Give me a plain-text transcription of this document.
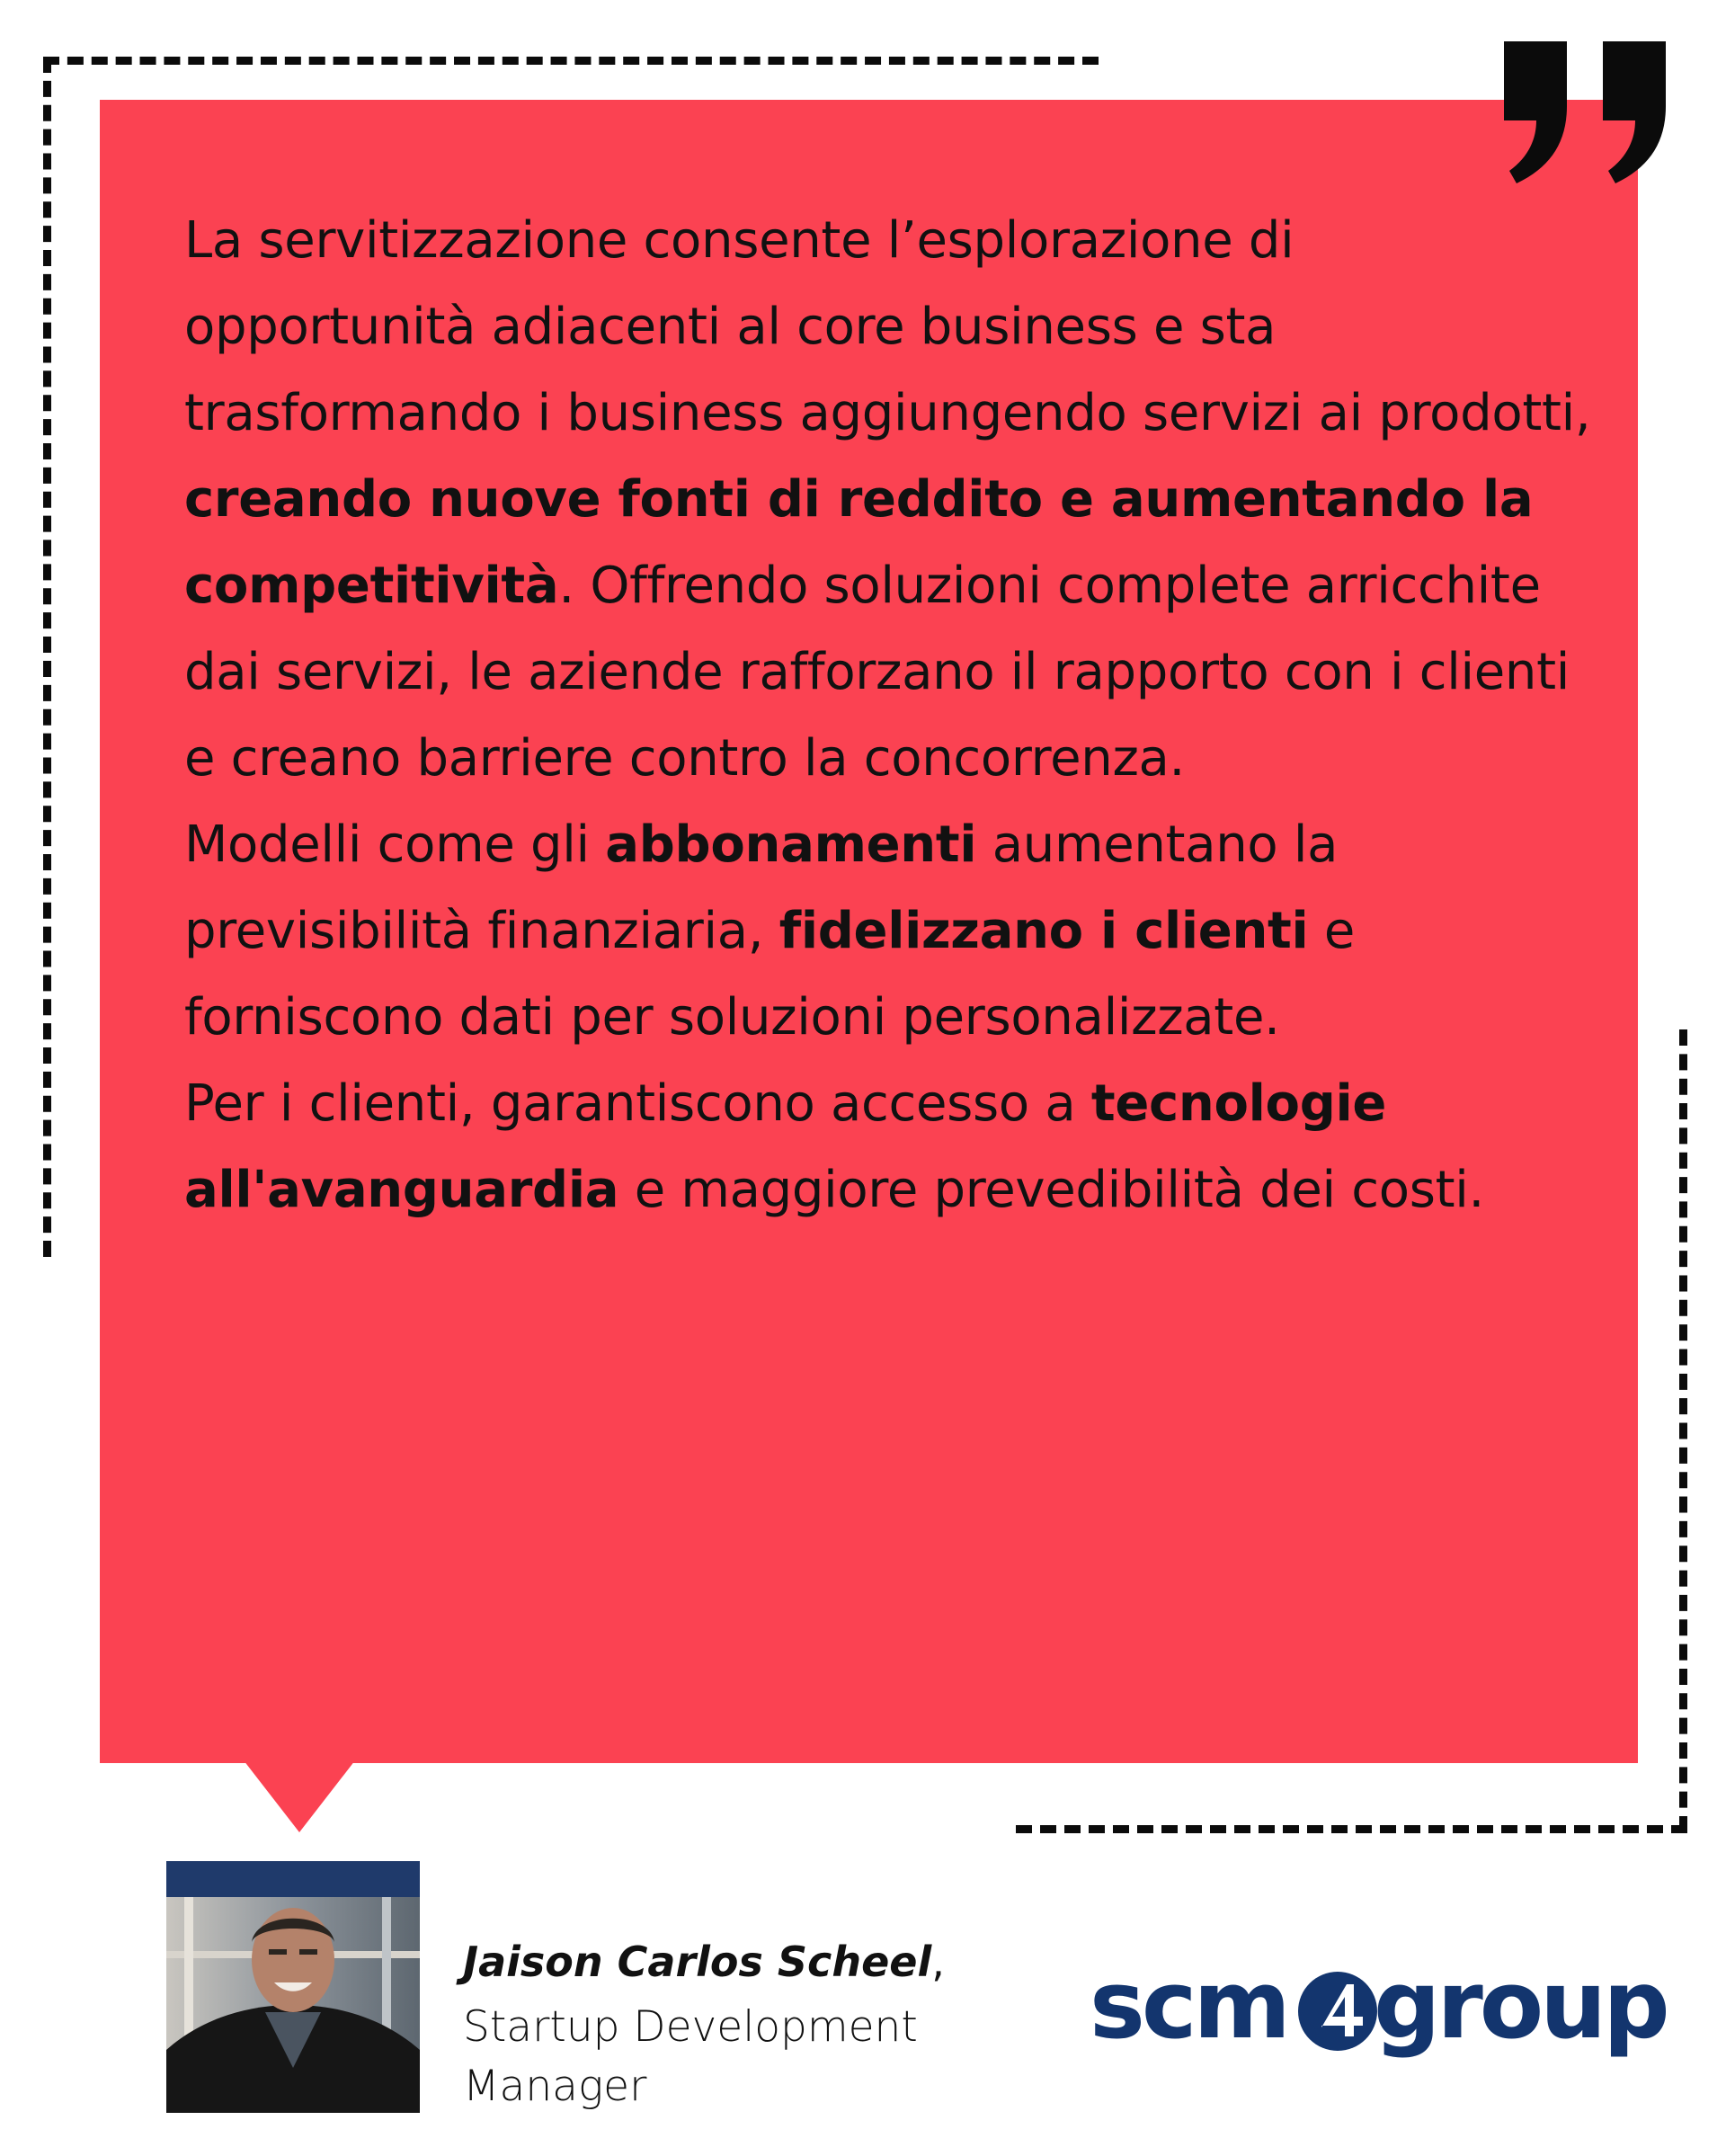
La servitizzazione consente l’esplorazione di opportunità adiacenti al core business e sta trasformando i business aggiungendo servizi ai prodotti, creando nuove fonti di reddito e aumentando la competitività. Offrendo soluzioni complete arricchite dai servizi, le aziende rafforzano il rapporto con i clienti e creano barriere contro la concorrenza.
Modelli come gli abbonamenti aumentano la previsibilità finanziaria, fidelizzano i clienti e forniscono dati per soluzioni personalizzate.
Per i clienti, garantiscono accesso a tecnologie all'avanguardia e maggiore prevedibilità dei costi.
Jaison Carlos Scheel,
Startup Development Manager
scm group
